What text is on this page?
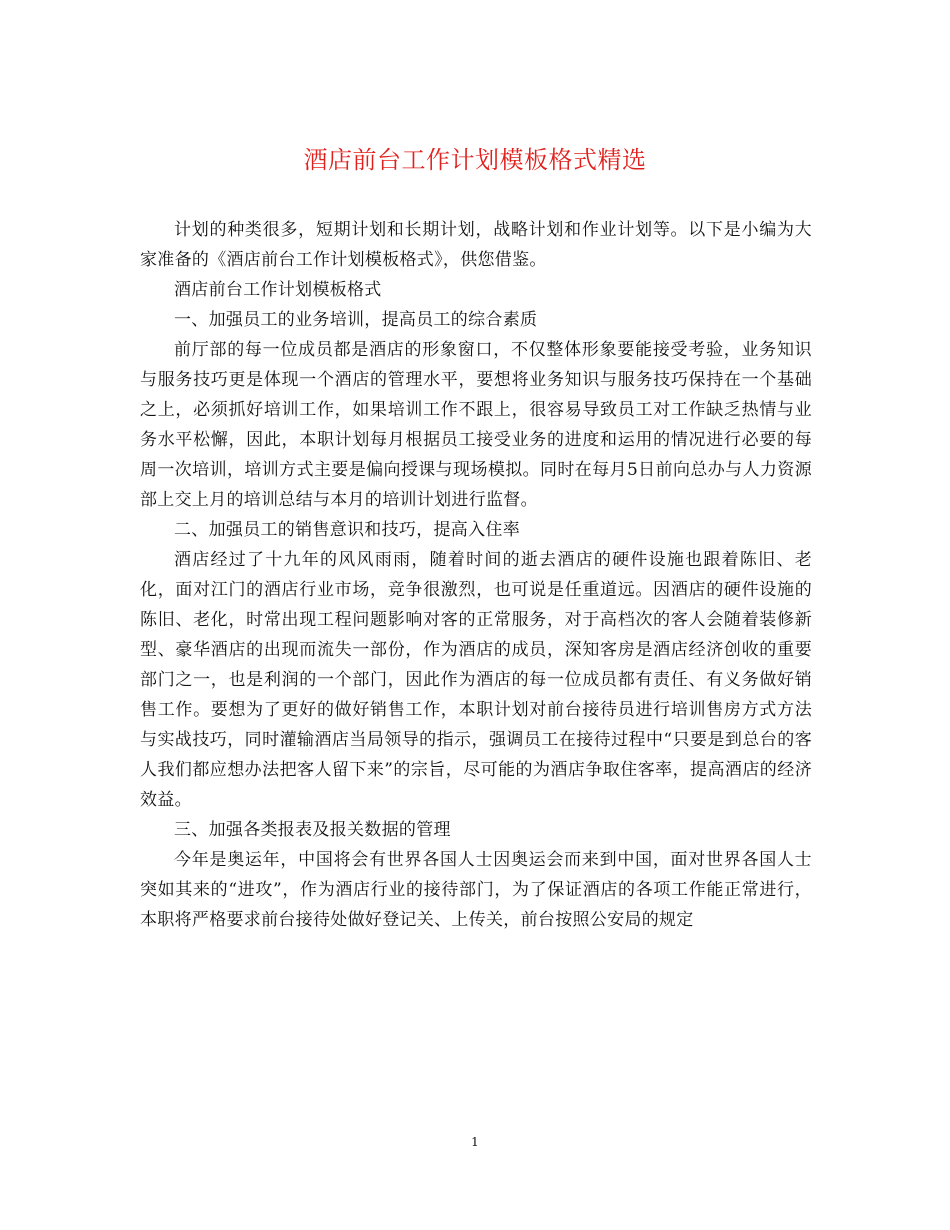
酒店前台工作计划模板格式精选

计划的种类很多，短期计划和长期计划，战略计划和作业计划等。以下是小编为大家准备的《酒店前台工作计划模板格式》，供您借鉴。

酒店前台工作计划模板格式

一、加强员工的业务培训，提高员工的综合素质

前厅部的每一位成员都是酒店的形象窗口，不仅整体形象要能接受考验，业务知识与服务技巧更是体现一个酒店的管理水平，要想将业务知识与服务技巧保持在一个基础之上，必须抓好培训工作，如果培训工作不跟上，很容易导致员工对工作缺乏热情与业务水平松懈，因此，本职计划每月根据员工接受业务的进度和运用的情况进行必要的每周一次培训，培训方式主要是偏向授课与现场模拟。同时在每月5日前向总办与人力资源部上交上月的培训总结与本月的培训计划进行监督。

二、加强员工的销售意识和技巧，提高入住率

酒店经过了十九年的风风雨雨，随着时间的逝去酒店的硬件设施也跟着陈旧、老化，面对江门的酒店行业市场，竞争很激烈，也可说是任重道远。因酒店的硬件设施的陈旧、老化，时常出现工程问题影响对客的正常服务，对于高档次的客人会随着装修新型、豪华酒店的出现而流失一部份，作为酒店的成员，深知客房是酒店经济创收的重要部门之一，也是利润的一个部门，因此作为酒店的每一位成员都有责任、有义务做好销售工作。要想为了更好的做好销售工作，本职计划对前台接待员进行培训售房方式方法与实战技巧，同时灌输酒店当局领导的指示，强调员工在接待过程中“只要是到总台的客人我们都应想办法把客人留下来”的宗旨，尽可能的为酒店争取住客率，提高酒店的经济效益。

三、加强各类报表及报关数据的管理

今年是奥运年，中国将会有世界各国人士因奥运会而来到中国，面对世界各国人士突如其来的“进攻”，作为酒店行业的接待部门，为了保证酒店的各项工作能正常进行，本职将严格要求前台接待处做好登记关、上传关，前台按照公安局的规定

1
